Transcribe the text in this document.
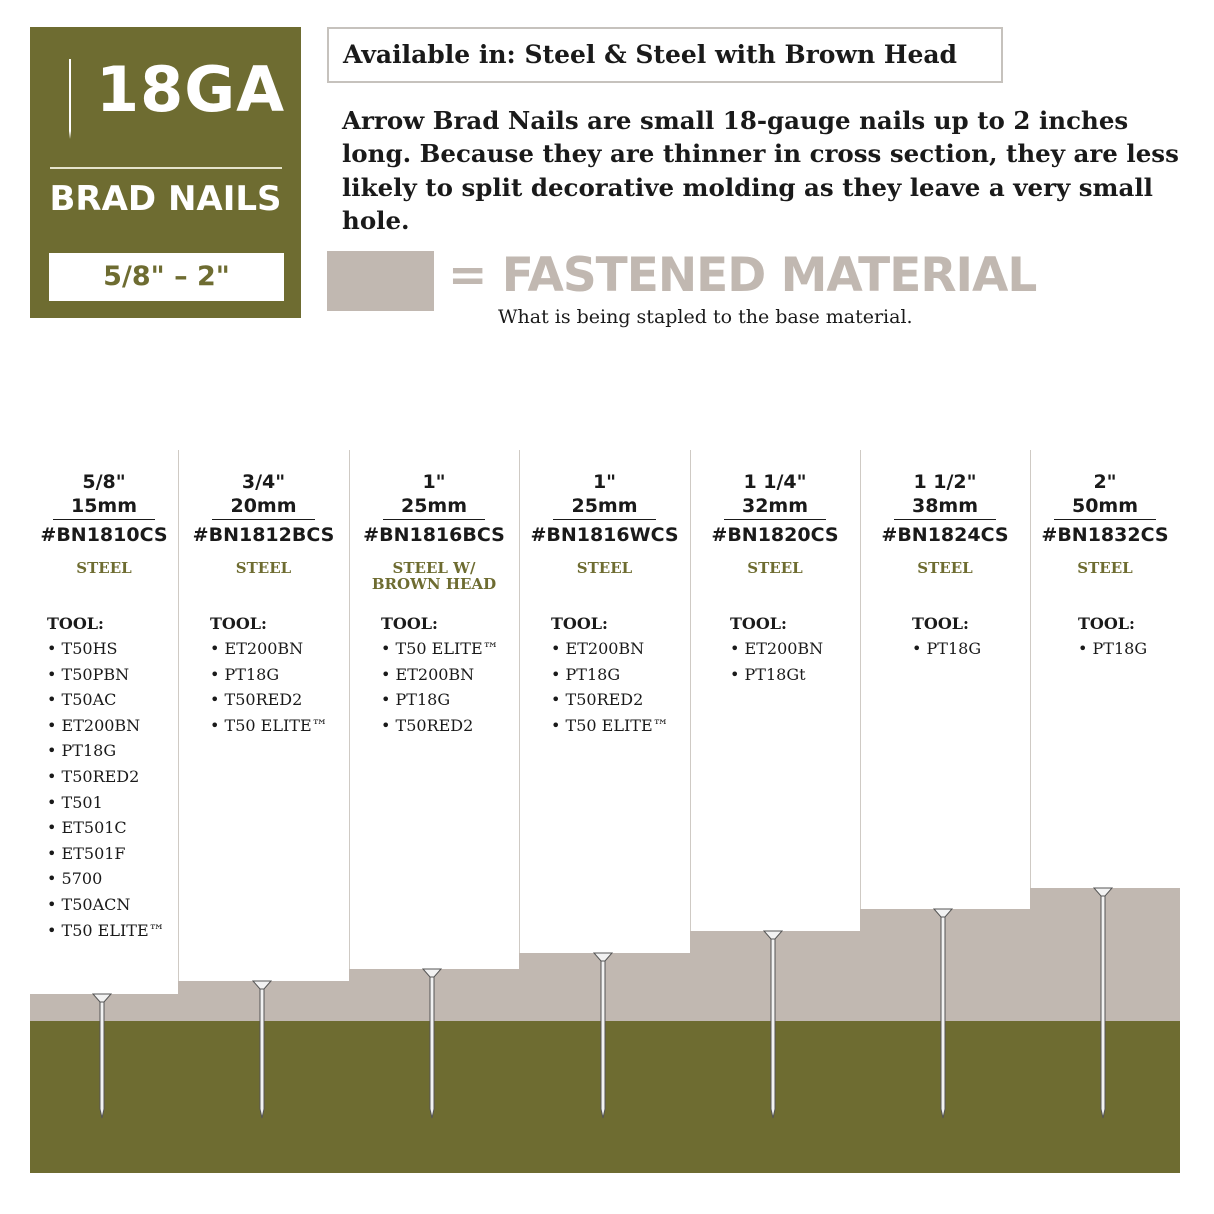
18GA
BRAD NAILS
5/8" – 2"
Available in: Steel & Steel with Brown Head
Arrow Brad Nails are small 18-gauge nails up to 2 inches long. Because they are thinner in cross section, they are less likely to split decorative molding as they leave a very small hole.
= FASTENED MATERIAL
What is being stapled to the base material.
5/8"
15mm
#BN1810CS
STEEL
TOOL:
• T50HS
• T50PBN
• T50AC
• ET200BN
• PT18G
• T50RED2
• T501
• ET501C
• ET501F
• 5700
• T50ACN
• T50 ELITE™
3/4"
20mm
#BN1812BCS
STEEL
TOOL:
• ET200BN
• PT18G
• T50RED2
• T50 ELITE™
1"
25mm
#BN1816BCS
STEEL W/
BROWN HEAD
TOOL:
• T50 ELITE™
• ET200BN
• PT18G
• T50RED2
1"
25mm
#BN1816WCS
STEEL
TOOL:
• ET200BN
• PT18G
• T50RED2
• T50 ELITE™
1 1/4"
32mm
#BN1820CS
STEEL
TOOL:
• ET200BN
• PT18Gt
1 1/2"
38mm
#BN1824CS
STEEL
TOOL:
• PT18G
2"
50mm
#BN1832CS
STEEL
TOOL:
• PT18G
